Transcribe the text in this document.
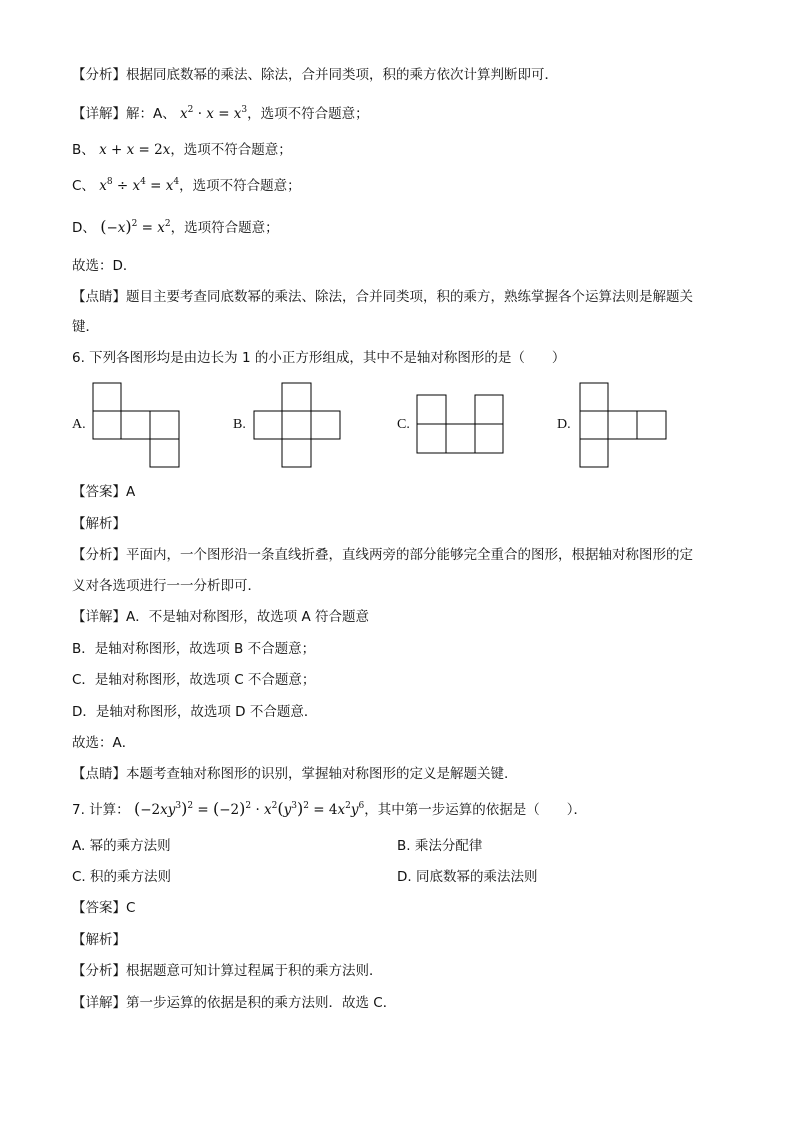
【分析】根据同底数幂的乘法、除法，合并同类项，积的乘方依次计算判断即可．
【详解】解：A、 $x^2 \cdot x = x^3$，选项不符合题意；
B、 x + x = 2x，选项不符合题意；
C、 $x^8 \div x^4 = x^4$，选项不符合题意；
D、 $(-x)^2 = x^2$，选项符合题意；
故选：D．
【点睛】题目主要考查同底数幂的乘法、除法，合并同类项，积的乘方，熟练掌握各个运算法则是解题关
键．
6. 下列各图形均是由边长为 1 的小正方形组成，其中不是轴对称图形的是（　　）
A.	B.	C.	D.
【答案】A
【解析】
【分析】平面内，一个图形沿一条直线折叠，直线两旁的部分能够完全重合的图形，根据轴对称图形的定
义对各选项进行一一分析即可．
【详解】A．不是轴对称图形，故选项 A 符合题意
B．是轴对称图形，故选项 B 不合题意；
C．是轴对称图形，故选项 C 不合题意；
D．是轴对称图形，故选项 D 不合题意．
故选：A．
【点睛】本题考查轴对称图形的识别，掌握轴对称图形的定义是解题关键.
7. 计算： $(-2xy^3)^2 = (-2)^2 \cdot x^2(y^3)^2 = 4x^2y^6$，其中第一步运算的依据是（　　）．
A. 幂的乘方法则	B. 乘法分配律
C. 积的乘方法则	D. 同底数幂的乘法法则
【答案】C
【解析】
【分析】根据题意可知计算过程属于积的乘方法则．
【详解】第一步运算的依据是积的乘方法则．故选 C．
